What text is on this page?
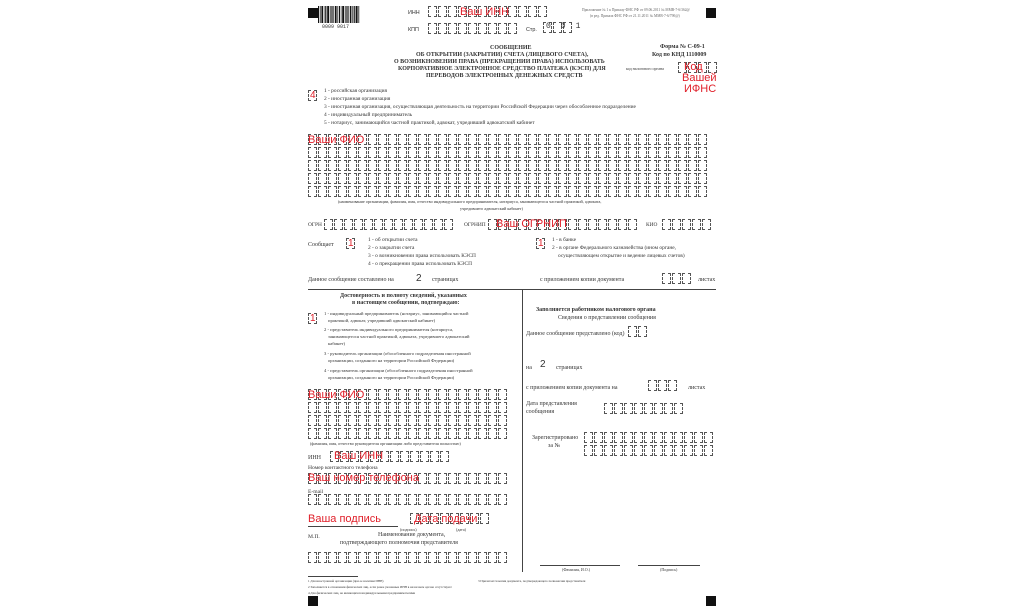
0009 9017
ИНН	Ваш ИНН
КПП	Стр. 0 0 1
Приложение № 1 к Приказу ФНС РФ от 09.06.2011 № ММВ-7-6/362@
(в ред. Приказа ФНС РФ от 21.11.2011 № ММВ-7-6/790@)
СООБЩЕНИЕ
ОБ ОТКРЫТИИ (ЗАКРЫТИИ) СЧЕТА (ЛИЦЕВОГО СЧЕТА),
О ВОЗНИКНОВЕНИИ ПРАВА (ПРЕКРАЩЕНИИ ПРАВА) ИСПОЛЬЗОВАТЬ
КОРПОРАТИВНОЕ ЭЛЕКТРОННОЕ СРЕДСТВО ПЛАТЕЖА (КЭСП) ДЛЯ
ПЕРЕВОДОВ ЭЛЕКТРОННЫХ ДЕНЕЖНЫХ СРЕДСТВ
Форма № С-09-1
Код по КНД 1110009
код налогового органа Код
Вашей
ИФНС
4 1 - российская организация
2 - иностранная организация
3 - иностранная организация, осуществляющая деятельность на территории Российской Федерации через обособленное подразделение
4 - индивидуальный предприниматель
5 - нотариус, занимающийся частной практикой, адвокат, учредивший адвокатский кабинет
Ваши ФИО
(наименование организации, фамилия, имя, отчество индивидуального предпринимателя, нотариуса, занимающегося частной практикой, адвоката,
учредившего адвокатский кабинет)
ОГРН	ОГРНИП Ваш ОГРНИП	КИО
Сообщает 1	1 - об открытии счета
2 - о закрытии счета
3 - о возникновении права использовать КЭСП
4 - о прекращении права использовать КЭСП
1 1 - в банке
2 - в органе Федерального казначейства (ином органе,
осуществляющем открытие и ведение лицевых счетов)
Данное сообщение составлено на 2 страницах	с приложением копии документа	листах
Достоверность и полноту сведений, указанных
в настоящем сообщении, подтверждаю:
1 1 - индивидуальный предприниматель (нотариус, занимающийся частной
практикой, адвокат, учредивший адвокатский кабинет)
2 - представитель индивидуального предпринимателя (нотариуса,
занимающегося частной практикой, адвоката, учредившего адвокатский
кабинет)
3 - руководитель организации (обособленного подразделения иностранной
организации, созданного на территории Российской Федерации)
4 - представитель организации (обособленного подразделения иностранной
организации, созданного на территории Российской Федерации)
Ваши ФИО
(фамилия, имя, отчество руководителя организации либо представителя полностью)
ИНН Ваш ИНН
Номер контактного телефона
Ваш номер телефона
E-mail
Ваша подпись
(подпись)
Дата подачи
(дата)
М.П.	Наименование документа,
подтверждающего полномочия представителя
Заполняется работником налогового органа
Сведения о представлении сообщения
Данное сообщение представлено (код)
на 2 страницах
с приложением копии документа на	листах
Дата представления
сообщения
Зарегистрировано
за №
(Фамилия, И.О.)	(Подпись)
1 Для иностранной организации (при ее наличии ИНН)
2 Заполняется в отношении физических лиц, если ранее указанные ИНН в налоговом органе отсутствуют
3 Прилагается копия документа, подтверждающего полномочия представителя
4 Для физических лиц, не являющихся индивидуальными предпринимателями
